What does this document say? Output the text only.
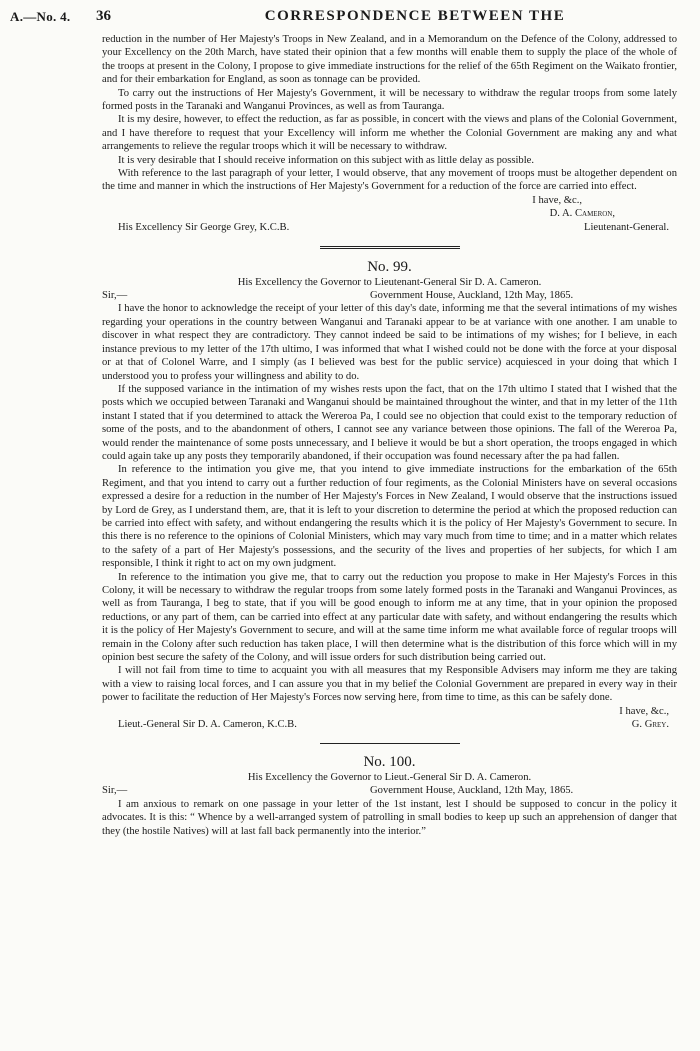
A.—No. 4. 36	CORRESPONDENCE BETWEEN THE

reduction in the number of Her Majesty's Troops in New Zealand, and in a Memorandum on the Defence of the Colony, addressed to your Excellency on the 20th March, have stated their opinion that a few months will enable them to supply the place of the whole of the troops at present in the Colony, I propose to give immediate instructions for the relief of the 65th Regiment on the Waikato frontier, and for their embarkation for England, as soon as tonnage can be provided.

To carry out the instructions of Her Majesty's Government, it will be necessary to withdraw the regular troops from some lately formed posts in the Taranaki and Wanganui Provinces, as well as from Tauranga.

It is my desire, however, to effect the reduction, as far as possible, in concert with the views and plans of the Colonial Government, and I have therefore to request that your Excellency will inform me whether the Colonial Government are making any and what arrangements to relieve the regular troops which it will be necessary to withdraw.

It is very desirable that I should receive information on this subject with as little delay as possible.

With reference to the last paragraph of your letter, I would observe, that any movement of troops must be altogether dependent on the time and manner in which the instructions of Her Majesty's Government for a reduction of the force are carried into effect.

I have, &c.,
D. A. Cameron,
His Excellency Sir George Grey, K.C.B.	Lieutenant-General.
No. 99.
His Excellency the Governor to Lieutenant-General Sir D. A. Cameron.
Sir,—	Government House, Auckland, 12th May, 1865.

I have the honor to acknowledge the receipt of your letter of this day's date, informing me that the several intimations of my wishes regarding your operations in the country between Wanganui and Taranaki appear to be at variance with one another. I am unable to discover in what respect they are contradictory. They cannot indeed be said to be intimations of my wishes; for I believe, in each instance previous to my letter of the 17th ultimo, I was informed that what I wished could not be done with the force at your disposal or at that of Colonel Warre, and I simply (as I believed was best for the public service) acquiesced in your doing that which I understood you to profess your willingness and ability to do.

If the supposed variance in the intimation of my wishes rests upon the fact, that on the 17th ultimo I stated that I wished that the posts which we occupied between Taranaki and Wanganui should be maintained throughout the winter, and that in my letter of the 11th instant I stated that if you determined to attack the Wereroa Pa, I could see no objection that could exist to the temporary reduction of some of the posts, and to the abandonment of others, I cannot see any variance between those opinions. The fall of the Wereroa Pa, would render the maintenance of some posts unnecessary, and I believe it would be but a short operation, the troops engaged in which could again take up any posts they temporarily abandoned, if their occupation was found necessary after the pa had fallen.

In reference to the intimation you give me, that you intend to give immediate instructions for the embarkation of the 65th Regiment, and that you intend to carry out a further reduction of four regiments, as the Colonial Ministers have on several occasions expressed a desire for a reduction in the number of Her Majesty's Forces in New Zealand, I would observe that the instructions issued by Lord de Grey, as I understand them, are, that it is left to your discretion to determine the period at which the proposed reduction can be carried into effect with safety, and without endangering the results which it is the policy of Her Majesty's Government to secure. In this there is no reference to the opinions of Colonial Ministers, which may vary much from time to time; and in a matter which relates to the safety of a part of Her Majesty's possessions, and the security of the lives and properties of her subjects, for which I am responsible, I think it right to act on my own judgment.

In reference to the intimation you give me, that to carry out the reduction you propose to make in Her Majesty's Forces in this Colony, it will be necessary to withdraw the regular troops from some lately formed posts in the Taranaki and Wanganui Provinces, as well as from Tauranga, I beg to state, that if you will be good enough to inform me at any time, that in your opinion the proposed reductions, or any part of them, can be carried into effect at any particular date with safety, and without endangering the results which it is the policy of Her Majesty's Government to secure, and will at the same time inform me what available force of regular troops will remain in the Colony after such reduction has taken place, I will then determine what is the distribution of this force which will in my opinion best secure the safety of the Colony, and will issue orders for such distribution being carried out.

I will not fail from time to time to acquaint you with all measures that my Responsible Advisers may inform me they are taking with a view to raising local forces, and I can assure you that in my belief the Colonial Government are prepared in every way in their power to facilitate the reduction of Her Majesty's Forces now serving here, from time to time, as this can be safely done.

I have, &c.,
Lieut.-General Sir D. A. Cameron, K.C.B.	G. Grey.
No. 100.
His Excellency the Governor to Lieut.-General Sir D. A. Cameron.
Sir,—	Government House, Auckland, 12th May, 1865.

I am anxious to remark on one passage in your letter of the 1st instant, lest I should be supposed to concur in the policy it advocates. It is this: “ Whence by a well-arranged system of patrolling in small bodies to keep up such an apprehension of danger that they (the hostile Natives) will at last fall back permanently into the interior.”
